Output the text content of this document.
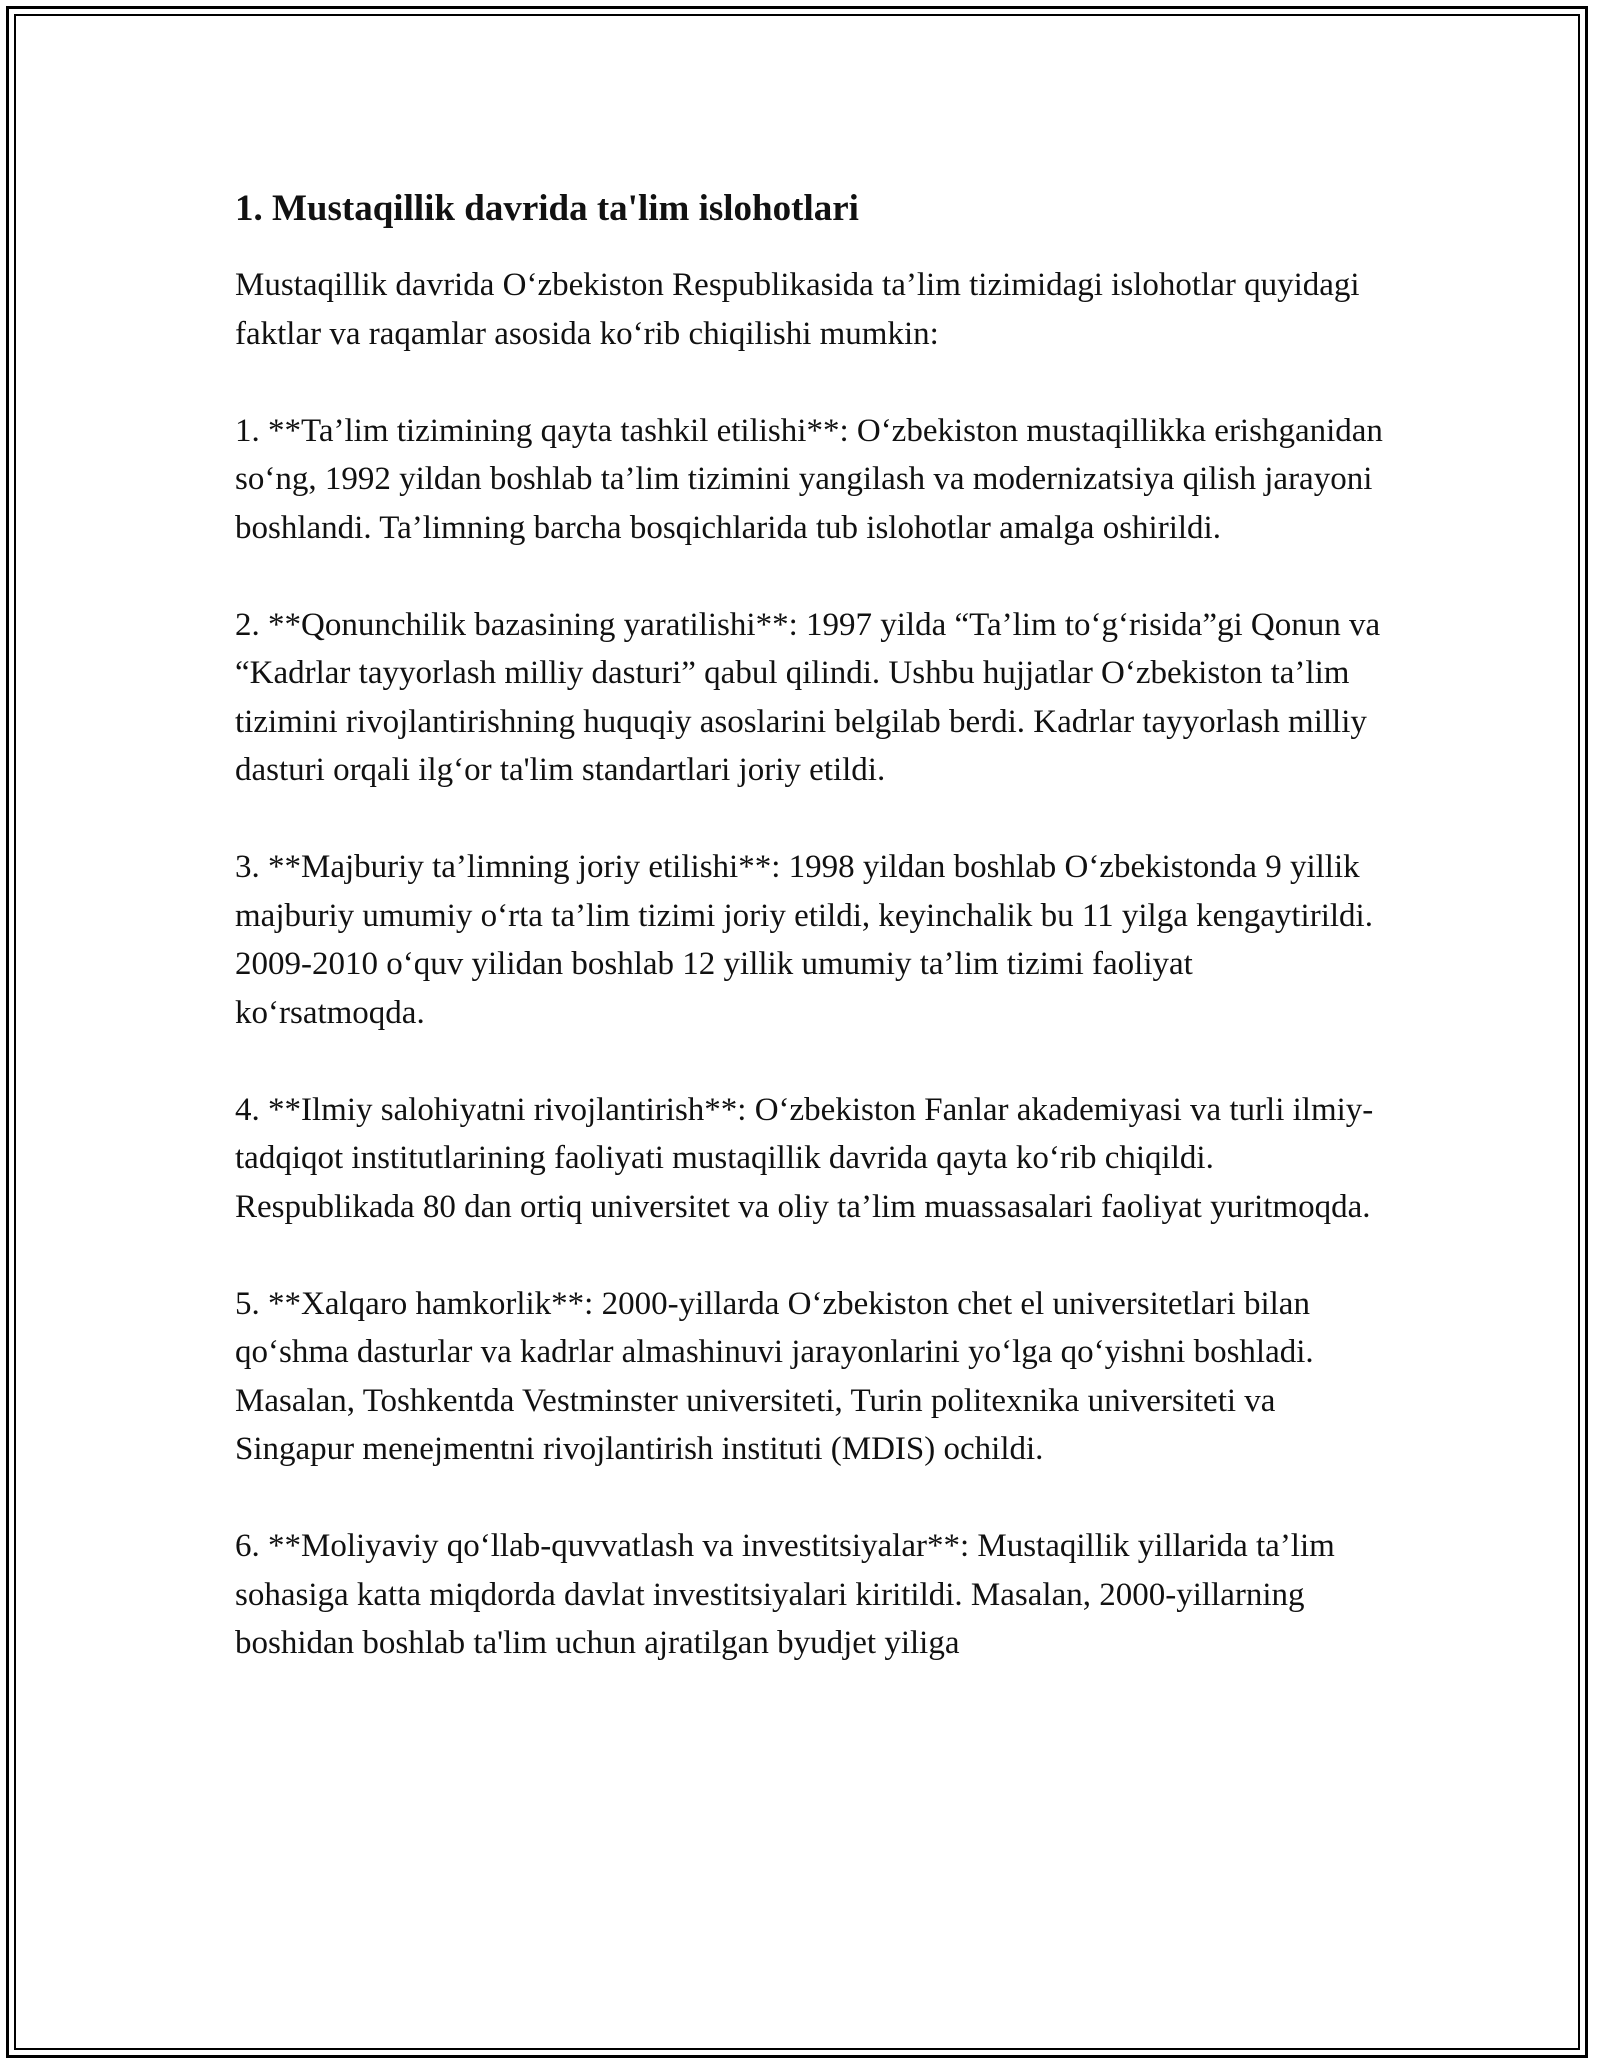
1. Mustaqillik davrida ta'lim islohotlari

Mustaqillik davrida O‘zbekiston Respublikasida ta’lim tizimidagi islohotlar quyidagi faktlar va raqamlar asosida ko‘rib chiqilishi mumkin:

1. **Ta’lim tizimining qayta tashkil etilishi**: O‘zbekiston mustaqillikka erishganidan so‘ng, 1992 yildan boshlab ta’lim tizimini yangilash va modernizatsiya qilish jarayoni boshlandi. Ta’limning barcha bosqichlarida tub islohotlar amalga oshirildi.

2. **Qonunchilik bazasining yaratilishi**: 1997 yilda “Ta’lim to‘g‘risida”gi Qonun va “Kadrlar tayyorlash milliy dasturi” qabul qilindi. Ushbu hujjatlar O‘zbekiston ta’lim tizimini rivojlantirishning huquqiy asoslarini belgilab berdi. Kadrlar tayyorlash milliy dasturi orqali ilg‘or ta'lim standartlari joriy etildi.

3. **Majburiy ta’limning joriy etilishi**: 1998 yildan boshlab O‘zbekistonda 9 yillik majburiy umumiy o‘rta ta’lim tizimi joriy etildi, keyinchalik bu 11 yilga kengaytirildi. 2009-2010 o‘quv yilidan boshlab 12 yillik umumiy ta’lim tizimi faoliyat ko‘rsatmoqda.

4. **Ilmiy salohiyatni rivojlantirish**: O‘zbekiston Fanlar akademiyasi va turli ilmiy-tadqiqot institutlarining faoliyati mustaqillik davrida qayta ko‘rib chiqildi. Respublikada 80 dan ortiq universitet va oliy ta’lim muassasalari faoliyat yuritmoqda.

5. **Xalqaro hamkorlik**: 2000-yillarda O‘zbekiston chet el universitetlari bilan qo‘shma dasturlar va kadrlar almashinuvi jarayonlarini yo‘lga qo‘yishni boshladi. Masalan, Toshkentda Vestminster universiteti, Turin politexnika universiteti va Singapur menejmentni rivojlantirish instituti (MDIS) ochildi.

6. **Moliyaviy qo‘llab-quvvatlash va investitsiyalar**: Mustaqillik yillarida ta’lim sohasiga katta miqdorda davlat investitsiyalari kiritildi. Masalan, 2000-yillarning boshidan boshlab ta'lim uchun ajratilgan byudjet yiliga
